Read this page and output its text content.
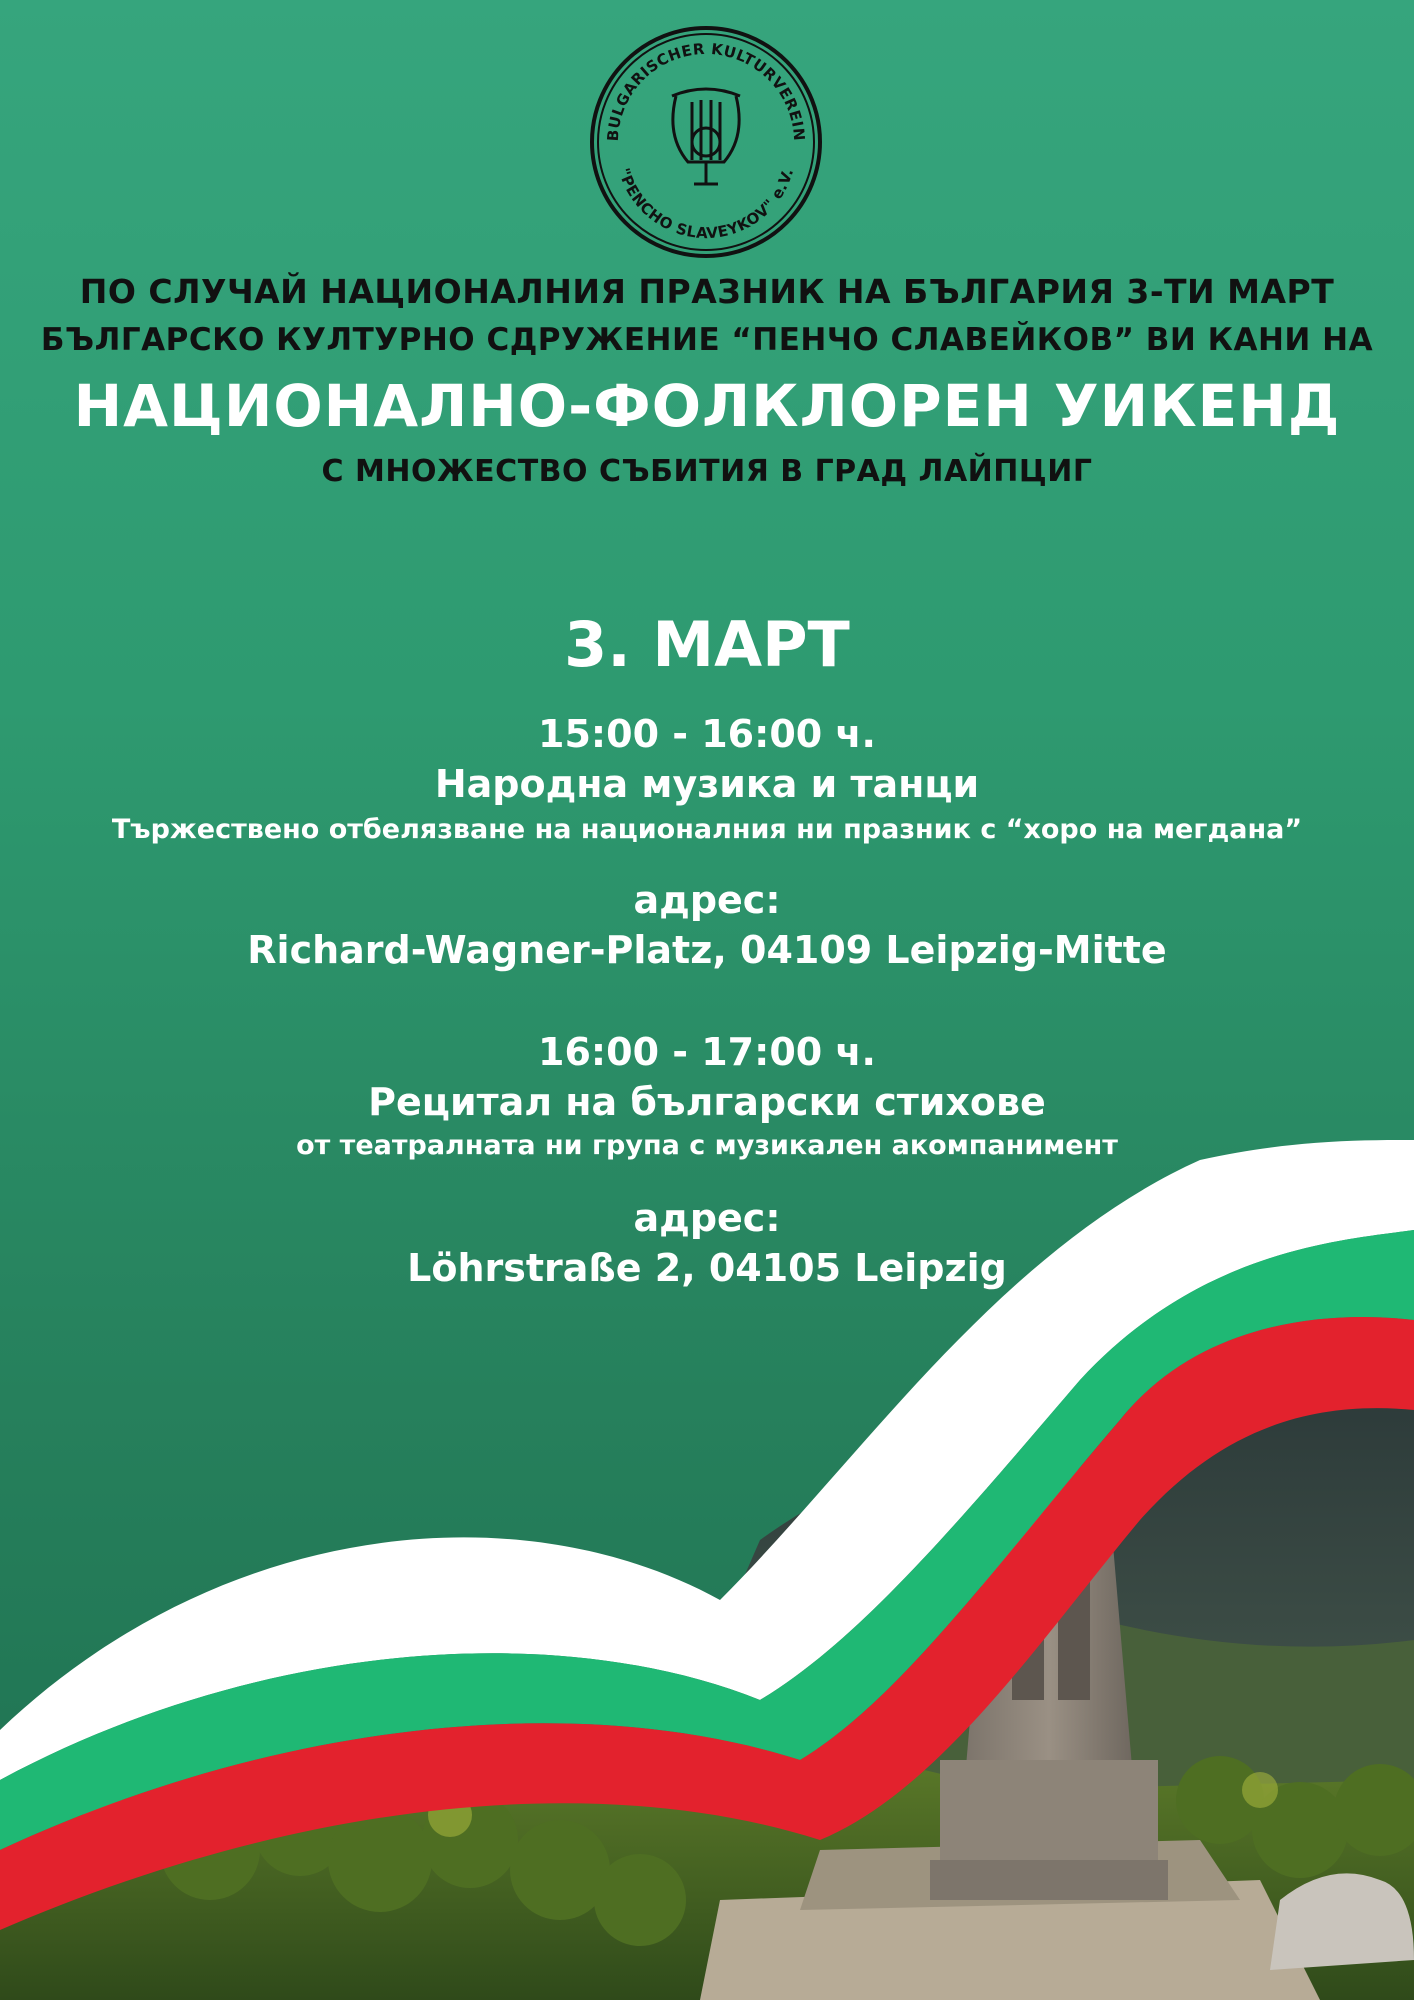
BULGARISCHER KULTURVEREIN
"PENCHO SLAVEYKOV" e.V.
ПО СЛУЧАЙ НАЦИОНАЛНИЯ ПРАЗНИК НА БЪЛГАРИЯ 3-ТИ МАРТ
БЪЛГАРСКО КУЛТУРНО СДРУЖЕНИЕ “ПЕНЧО СЛАВЕЙКОВ” ВИ КАНИ НА
НАЦИОНАЛНО-ФОЛКЛОРЕН УИКЕНД
С МНОЖЕСТВО СЪБИТИЯ В ГРАД ЛАЙПЦИГ
3. МАРТ
15:00 - 16:00 ч.
Народна музика и танци
Тържествено отбелязване на националния ни празник с “хоро на мегдана”
адрес:
Richard-Wagner-Platz, 04109 Leipzig-Mitte
16:00 - 17:00 ч.
Рецитал на български стихове
от театралната ни група с музикален акомпанимент
адрес:
Löhrstraße 2, 04105 Leipzig
